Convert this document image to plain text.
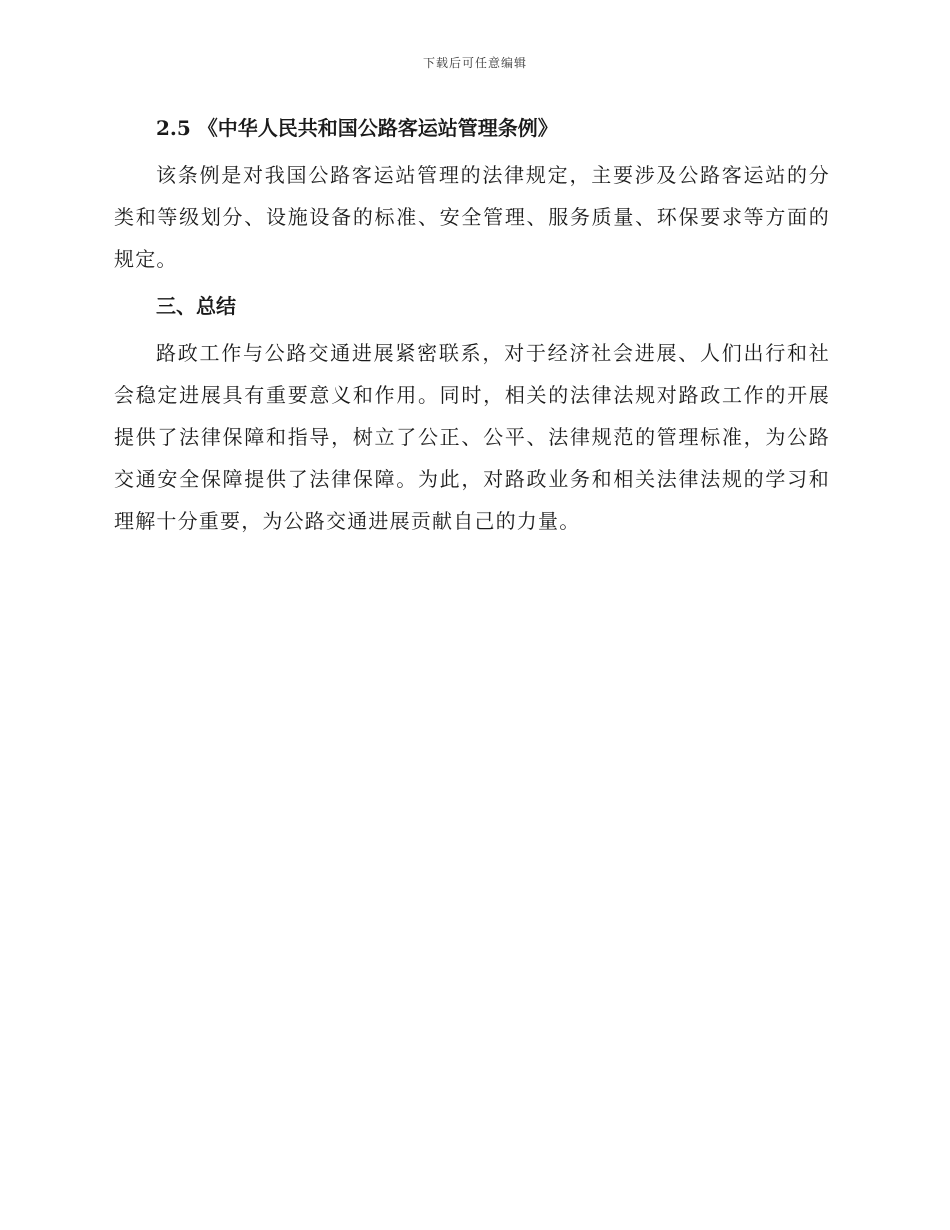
下载后可任意编辑
2.5 《中华人民共和国公路客运站管理条例》

该条例是对我国公路客运站管理的法律规定，主要涉及公路客运站的分类和等级划分、设施设备的标准、安全管理、服务质量、环保要求等方面的规定。

三、总结

路政工作与公路交通进展紧密联系，对于经济社会进展、人们出行和社会稳定进展具有重要意义和作用。同时，相关的法律法规对路政工作的开展提供了法律保障和指导，树立了公正、公平、法律规范的管理标准，为公路交通安全保障提供了法律保障。为此，对路政业务和相关法律法规的学习和理解十分重要，为公路交通进展贡献自己的力量。
